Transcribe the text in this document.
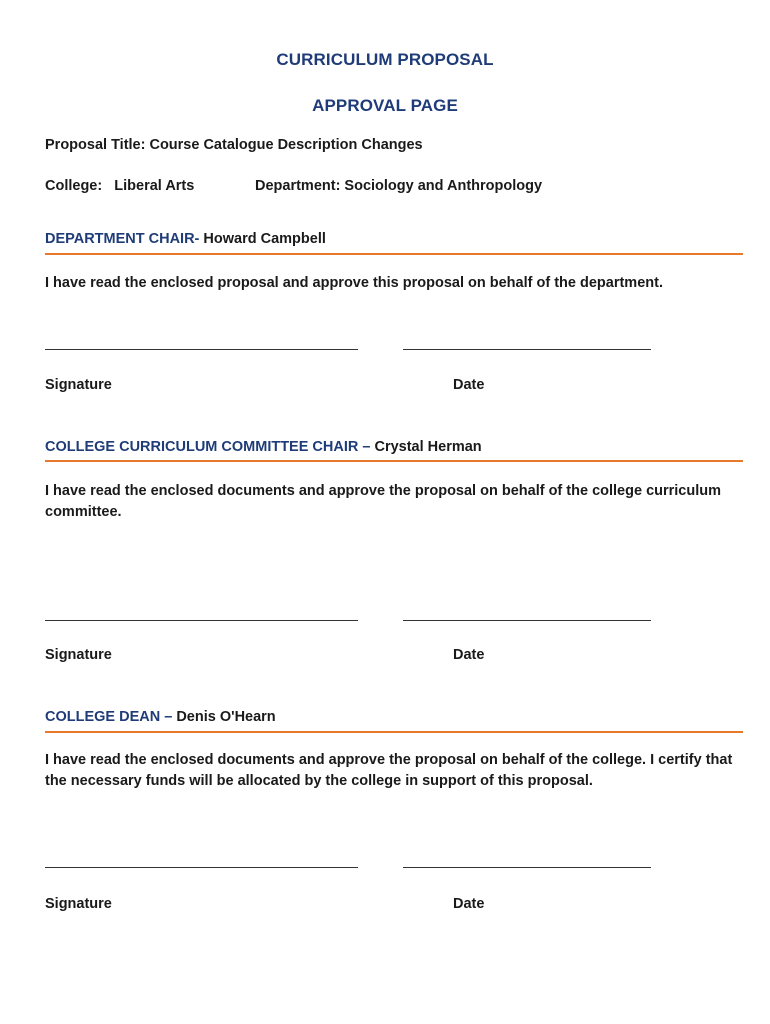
CURRICULUM PROPOSAL
APPROVAL PAGE
Proposal Title: Course Catalogue Description Changes
College:   Liberal Arts	Department: Sociology and Anthropology
DEPARTMENT CHAIR- Howard Campbell
I have read the enclosed proposal and approve this proposal on behalf of the department.
Signature	Date
COLLEGE CURRICULUM COMMITTEE CHAIR – Crystal Herman
I have read the enclosed documents and approve the proposal on behalf of the college curriculum committee.
Signature	Date
COLLEGE DEAN – Denis O'Hearn
I have read the enclosed documents and approve the proposal on behalf of the college. I certify that the necessary funds will be allocated by the college in support of this proposal.
Signature	Date
